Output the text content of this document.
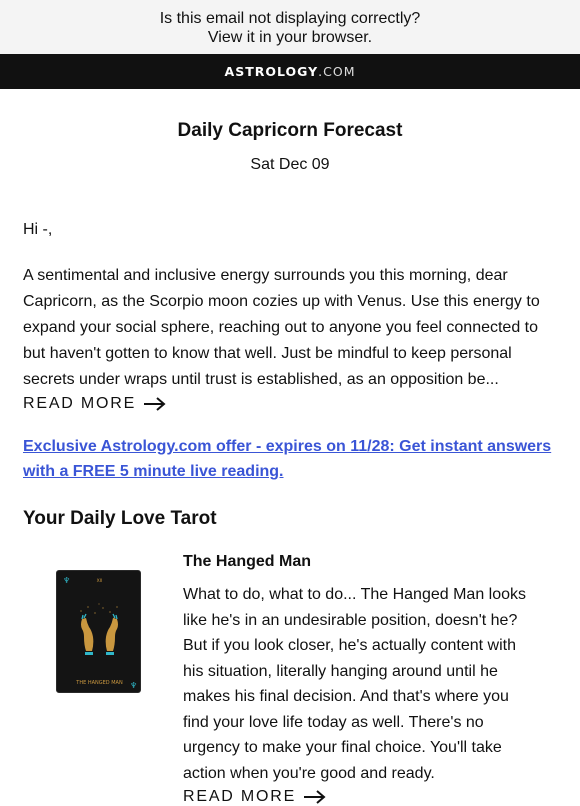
Is this email not displaying correctly?
View it in your browser.
ASTROLOGY.COM
Daily Capricorn Forecast
Sat Dec 09

Hi -,

A sentimental and inclusive energy surrounds you this morning, dear Capricorn, as the Scorpio moon cozies up with Venus. Use this energy to expand your social sphere, reaching out to anyone you feel connected to but haven't gotten to know that well. Just be mindful to keep personal secrets under wraps until trust is established, as an opposition be...

READ MORE
Exclusive Astrology.com offer - expires on 11/28: Get instant answers with a FREE 5 minute live reading.
Your Daily Love Tarot
♆
♆
XII
THE HANGED MAN
The Hanged Man

What to do, what to do... The Hanged Man looks like he's in an undesirable position, doesn't he? But if you look closer, he's actually content with his situation, literally hanging around until he makes his final decision. And that's where you find your love life today as well. There's no urgency to make your final choice. You'll take action when you're good and ready.

READ MORE
